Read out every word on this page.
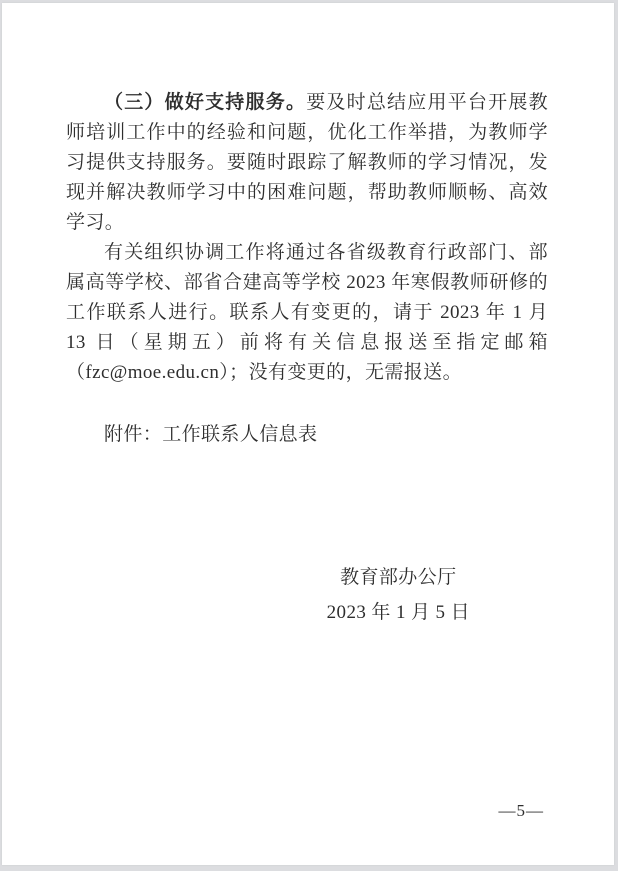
（三）做好支持服务。要及时总结应用平台开展教师培训工作中的经验和问题，优化工作举措，为教师学习提供支持服务。要随时跟踪了解教师的学习情况，发现并解决教师学习中的困难问题，帮助教师顺畅、高效学习。

有关组织协调工作将通过各省级教育行政部门、部属高等学校、部省合建高等学校 2023 年寒假教师研修的工作联系人进行。联系人有变更的，请于 2023 年 1 月 13 日（星期五）前将有关信息报送至指定邮箱（fzc@moe.edu.cn）；没有变更的，无需报送。

附件：工作联系人信息表

教育部办公厅
2023 年 1 月 5 日
—5—
